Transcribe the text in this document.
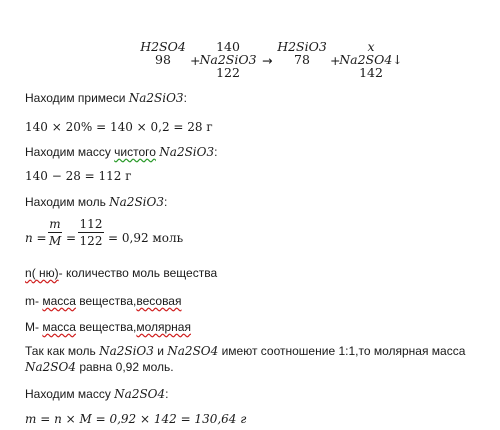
H2SO4
98	+
140
Na2SiO3
122
→
H2SiO3
78	+
x
Na2SO4↓
142
Находим примеси Na2SiO3:
140 × 20% = 140 × 0,2 = 28 г
Находим массу чистого Na2SiO3:
140 − 28 = 112 г
Находим моль Na2SiO3:
n =
m
M =
112
122 = 0,92 моль
n( ню)- количество моль вещества
m- масса вещества,весовая
M- масса вещества,молярная
Так как моль Na2SiO3 и Na2SO4 имеют соотношение 1:1,то молярная масса
Na2SO4 равна 0,92 моль.
Находим массу Na2SO4:
m = n × M = 0,92 × 142 = 130,64 г
